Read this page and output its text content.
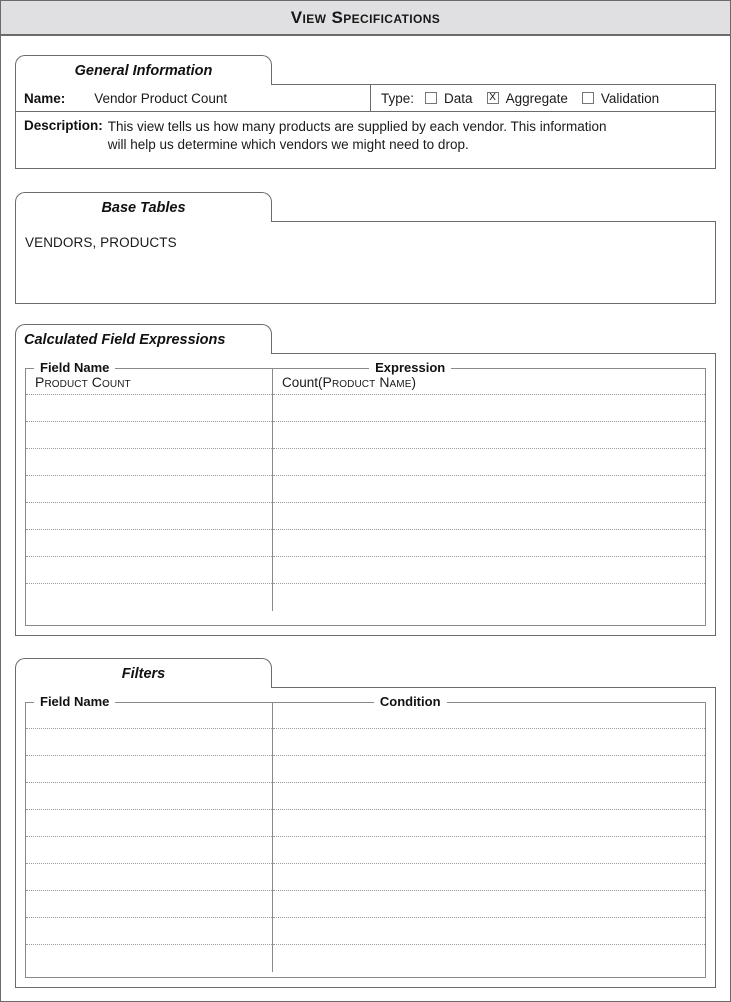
View Specifications
General Information
Name: Vendor Product Count	Type: Data X Aggregate Validation
Description: This view tells us how many products are supplied by each vendor. This information
will help us determine which vendors we might need to drop.
Base Tables
VENDORS, PRODUCTS
Calculated Field Expressions
Field Name	Expression
Product Count	Count(Product Name)
Filters
Field Name	Condition
